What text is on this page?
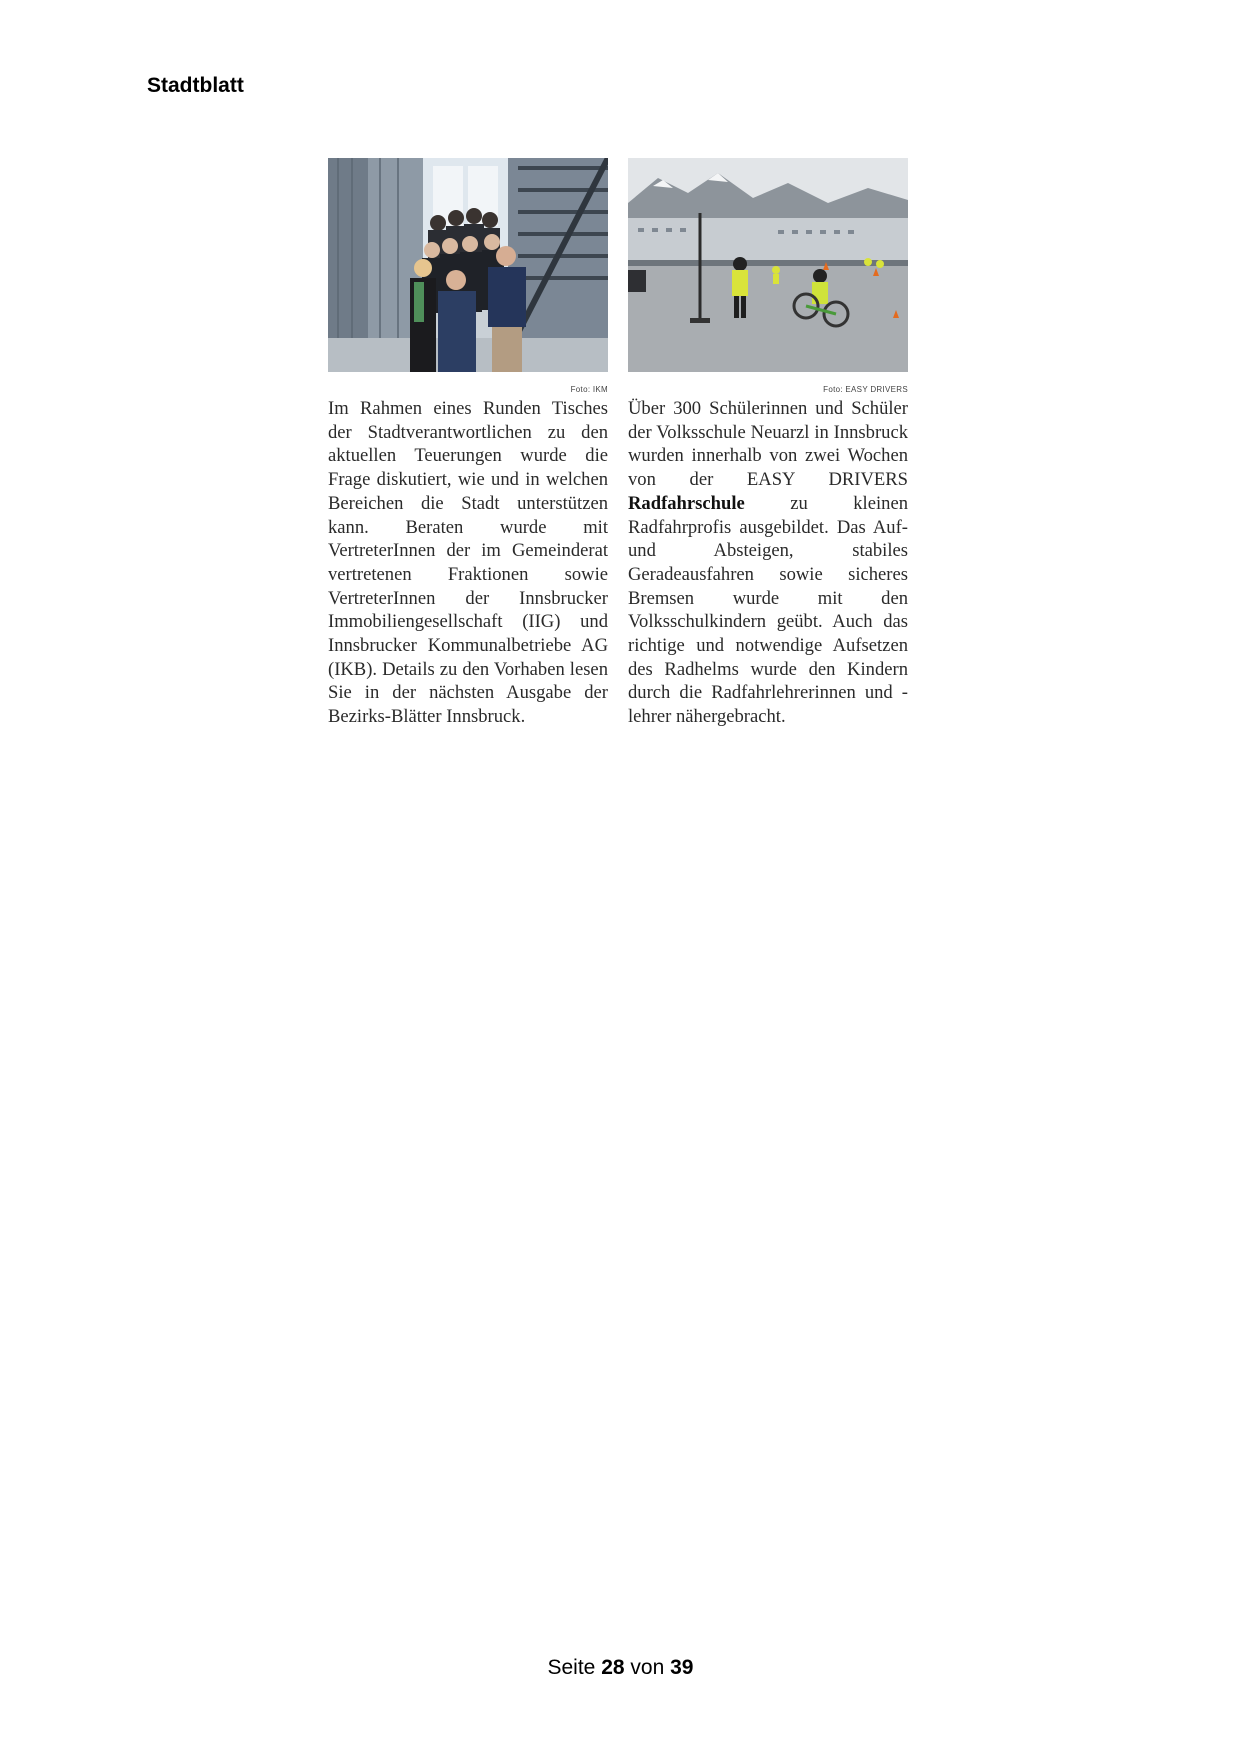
Stadtblatt
Foto: IKM

Im Rahmen eines Runden Tisches der Stadtverantwortlichen zu den aktuellen Teuerungen wurde die Frage diskutiert, wie und in welchen Bereichen die Stadt unterstützen kann. Beraten wurde mit VertreterInnen der im Gemeinderat vertretenen Fraktionen sowie VertreterInnen der Innsbrucker Immobiliengesellschaft (IIG) und Innsbrucker Kommunalbetriebe AG (IKB). Details zu den Vorhaben lesen Sie in der nächsten Ausgabe der Bezirks-Blätter Innsbruck.

Foto: EASY DRIVERS

Über 300 Schülerinnen und Schüler der Volksschule Neuarzl in Innsbruck wurden innerhalb von zwei Wochen von der EASY DRIVERS Radfahrschule zu kleinen Radfahrprofis ausgebildet. Das Auf- und Absteigen, stabiles Geradeausfahren sowie sicheres Bremsen wurde mit den Volksschulkindern geübt. Auch das richtige und notwendige Aufsetzen des Radhelms wurde den Kindern durch die Radfahrlehrerinnen und -lehrer nähergebracht.

Seite 28 von 39
